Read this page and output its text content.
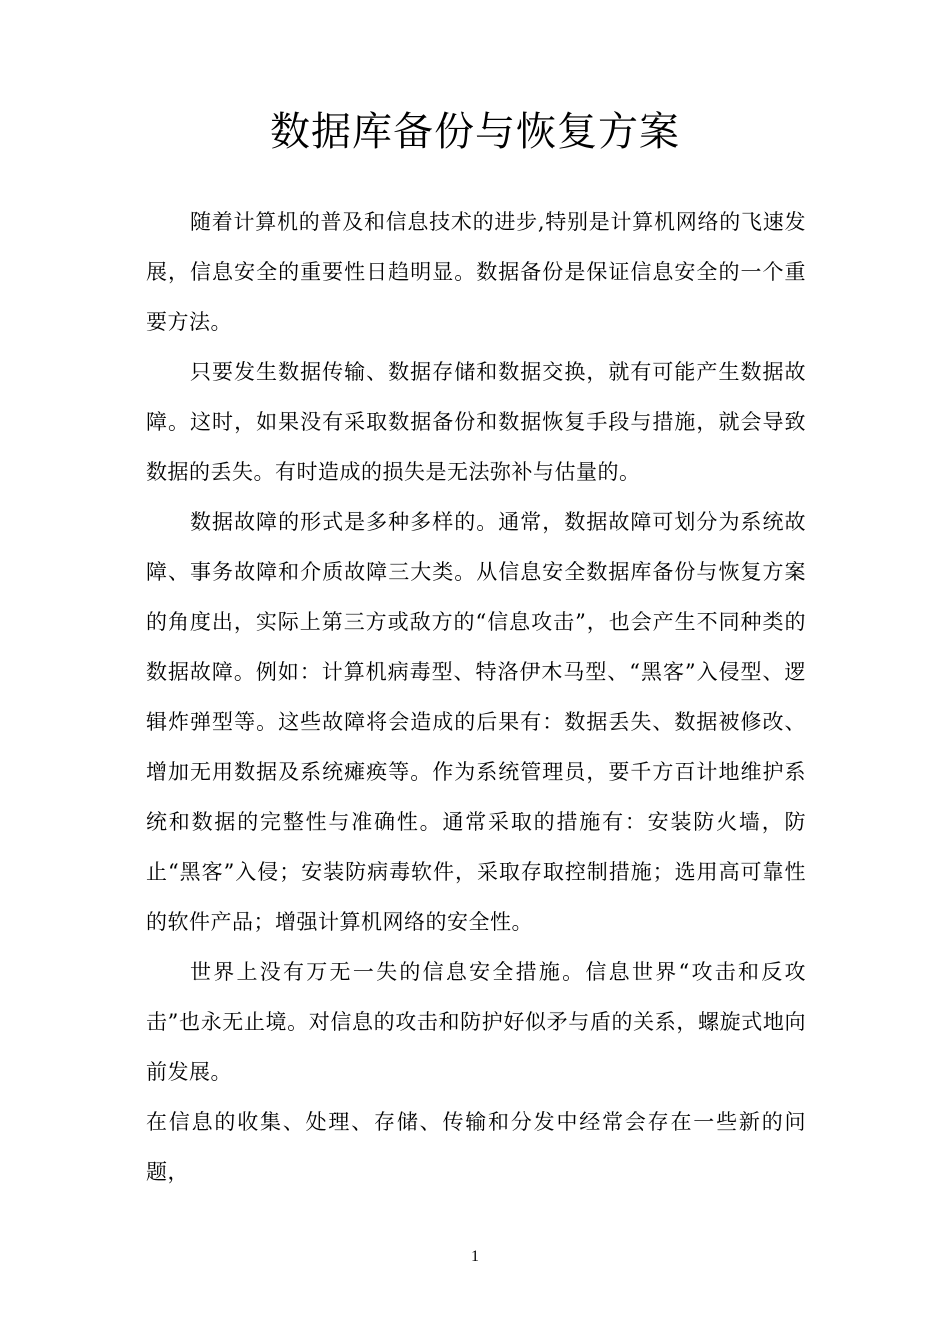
数据库备份与恢复方案

随着计算机的普及和信息技术的进步,特别是计算机网络的飞速发展，信息安全的重要性日趋明显。数据备份是保证信息安全的一个重要方法。

只要发生数据传输、数据存储和数据交换，就有可能产生数据故障。这时，如果没有采取数据备份和数据恢复手段与措施，就会导致数据的丢失。有时造成的损失是无法弥补与估量的。

数据故障的形式是多种多样的。通常，数据故障可划分为系统故障、事务故障和介质故障三大类。从信息安全数据库备份与恢复方案的角度出，实际上第三方或敌方的“信息攻击”，也会产生不同种类的数据故障。例如：计算机病毒型、特洛伊木马型、“黑客”入侵型、逻辑炸弹型等。这些故障将会造成的后果有：数据丢失、数据被修改、增加无用数据及系统瘫痪等。作为系统管理员，要千方百计地维护系统和数据的完整性与准确性。通常采取的措施有：安装防火墙，防止“黑客”入侵；安装防病毒软件，采取存取控制措施；选用高可靠性的软件产品；增强计算机网络的安全性。

世界上没有万无一失的信息安全措施。信息世界“攻击和反攻击”也永无止境。对信息的攻击和防护好似矛与盾的关系，螺旋式地向前发展。

在信息的收集、处理、存储、传输和分发中经常会存在一些新的问题，

1
